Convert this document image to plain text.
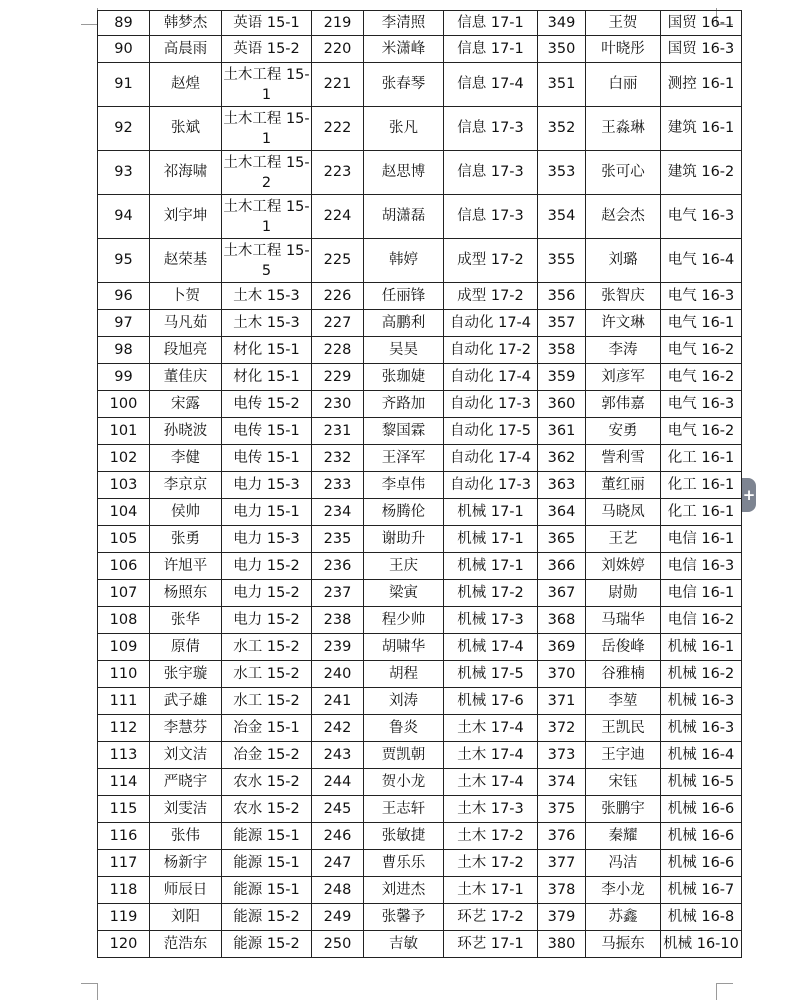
89	韩梦杰	英语 15-1	219	李清照	信息 17-1	349	王贺	国贸 16-1
90	高晨雨	英语 15-2	220	米潇峰	信息 17-1	350	叶晓彤	国贸 16-3
91	赵煌	土木工程 15-1	221	张春琴	信息 17-4	351	白丽	测控 16-1
92	张斌	土木工程 15-1	222	张凡	信息 17-3	352	王淼琳	建筑 16-1
93	祁海啸	土木工程 15-2	223	赵思博	信息 17-3	353	张可心	建筑 16-2
94	刘宇坤	土木工程 15-1	224	胡潇磊	信息 17-3	354	赵会杰	电气 16-3
95	赵荣基	土木工程 15-5	225	韩婷	成型 17-2	355	刘璐	电气 16-4
96	卜贺	土木 15-3	226	任丽锋	成型 17-2	356	张智庆	电气 16-3
97	马凡茹	土木 15-3	227	高鹏利	自动化 17-4	357	许文琳	电气 16-1
98	段旭亮	材化 15-1	228	吴昊	自动化 17-2	358	李涛	电气 16-2
99	董佳庆	材化 15-1	229	张珈婕	自动化 17-4	359	刘彦军	电气 16-2
100	宋露	电传 15-2	230	齐路加	自动化 17-3	360	郭伟嘉	电气 16-3
101	孙晓波	电传 15-1	231	黎国霖	自动化 17-5	361	安勇	电气 16-2
102	李健	电传 15-1	232	王泽军	自动化 17-4	362	訾利雪	化工 16-1
103	李京京	电力 15-3	233	李卓伟	自动化 17-3	363	董红丽	化工 16-1
104	侯帅	电力 15-1	234	杨腾伦	机械 17-1	364	马晓凤	化工 16-1
105	张勇	电力 15-3	235	谢助升	机械 17-1	365	王艺	电信 16-1
106	许旭平	电力 15-2	236	王庆	机械 17-1	366	刘姝婷	电信 16-3
107	杨照东	电力 15-2	237	梁寅	机械 17-2	367	尉勋	电信 16-1
108	张华	电力 15-2	238	程少帅	机械 17-3	368	马瑞华	电信 16-2
109	原倩	水工 15-2	239	胡啸华	机械 17-4	369	岳俊峰	机械 16-1
110	张宇璇	水工 15-2	240	胡程	机械 17-5	370	谷雅楠	机械 16-2
111	武子雄	水工 15-2	241	刘涛	机械 17-6	371	李堃	机械 16-3
112	李慧芬	冶金 15-1	242	鲁炎	土木 17-4	372	王凯民	机械 16-3
113	刘文洁	冶金 15-2	243	贾凯朝	土木 17-4	373	王宇迪	机械 16-4
114	严晓宇	农水 15-2	244	贺小龙	土木 17-4	374	宋钰	机械 16-5
115	刘雯洁	农水 15-2	245	王志轩	土木 17-3	375	张鹏宇	机械 16-6
116	张伟	能源 15-1	246	张敏捷	土木 17-2	376	秦耀	机械 16-6
117	杨新宇	能源 15-1	247	曹乐乐	土木 17-2	377	冯洁	机械 16-6
118	师辰日	能源 15-1	248	刘进杰	土木 17-1	378	李小龙	机械 16-7
119	刘阳	能源 15-2	249	张馨予	环艺 17-2	379	苏鑫	机械 16-8
120	范浩东	能源 15-2	250	吉敏	环艺 17-1	380	马振东	机械 16-10
+
